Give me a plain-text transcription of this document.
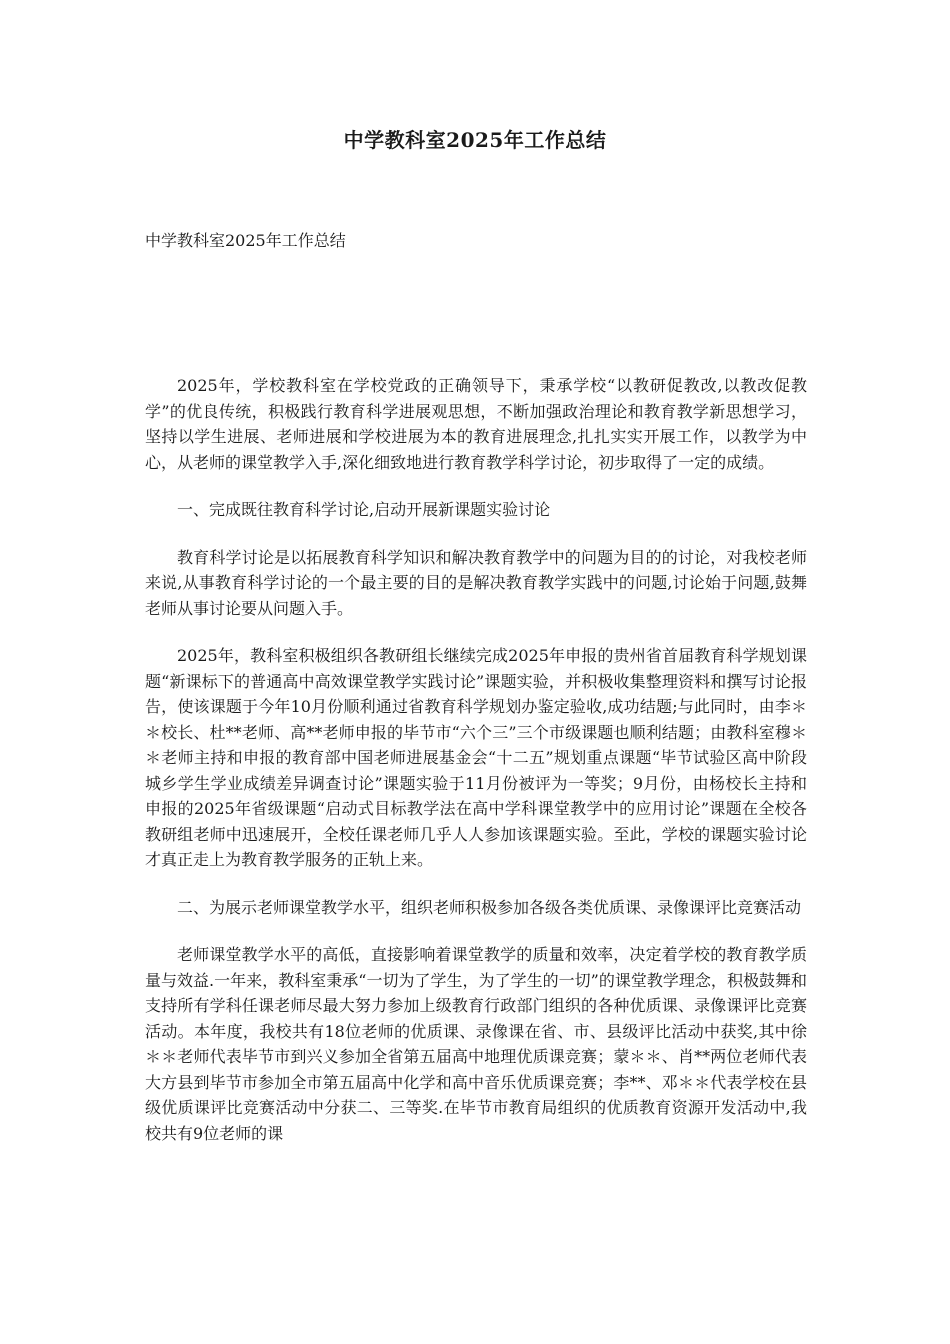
中学教科室2025年工作总结
中学教科室2025年工作总结

2025年，学校教科室在学校党政的正确领导下，秉承学校“以教研促教改,以教改促教学”的优良传统，积极践行教育科学进展观思想，不断加强政治理论和教育教学新思想学习，坚持以学生进展、老师进展和学校进展为本的教育进展理念,扎扎实实开展工作，以教学为中心，从老师的课堂教学入手,深化细致地进行教育教学科学讨论，初步取得了一定的成绩。

一、完成既往教育科学讨论,启动开展新课题实验讨论

教育科学讨论是以拓展教育科学知识和解决教育教学中的问题为目的的讨论，对我校老师来说,从事教育科学讨论的一个最主要的目的是解决教育教学实践中的问题,讨论始于问题,鼓舞老师从事讨论要从问题入手。

2025年，教科室积极组织各教研组长继续完成2025年申报的贵州省首届教育科学规划课题“新课标下的普通高中高效课堂教学实践讨论”课题实验，并积极收集整理资料和撰写讨论报告，使该课题于今年10月份顺利通过省教育科学规划办鉴定验收,成功结题;与此同时，由李＊＊校长、杜**老师、高**老师申报的毕节市“六个三”三个市级课题也顺利结题；由教科室穆＊＊老师主持和申报的教育部中国老师进展基金会“十二五”规划重点课题“毕节试验区高中阶段城乡学生学业成绩差异调查讨论”课题实验于11月份被评为一等奖；9月份，由杨校长主持和申报的2025年省级课题“启动式目标教学法在高中学科课堂教学中的应用讨论”课题在全校各教研组老师中迅速展开，全校任课老师几乎人人参加该课题实验。至此，学校的课题实验讨论才真正走上为教育教学服务的正轨上来。

二、为展示老师课堂教学水平，组织老师积极参加各级各类优质课、录像课评比竞赛活动

老师课堂教学水平的高低，直接影响着课堂教学的质量和效率，决定着学校的教育教学质量与效益.一年来，教科室秉承“一切为了学生，为了学生的一切”的课堂教学理念，积极鼓舞和支持所有学科任课老师尽最大努力参加上级教育行政部门组织的各种优质课、录像课评比竞赛活动。本年度，我校共有18位老师的优质课、录像课在省、市、县级评比活动中获奖,其中徐＊＊老师代表毕节市到兴义参加全省第五届高中地理优质课竞赛；蒙＊＊、肖**两位老师代表大方县到毕节市参加全市第五届高中化学和高中音乐优质课竞赛；李**、邓＊＊代表学校在县级优质课评比竞赛活动中分获二、三等奖.在毕节市教育局组织的优质教育资源开发活动中,我校共有9位老师的课
